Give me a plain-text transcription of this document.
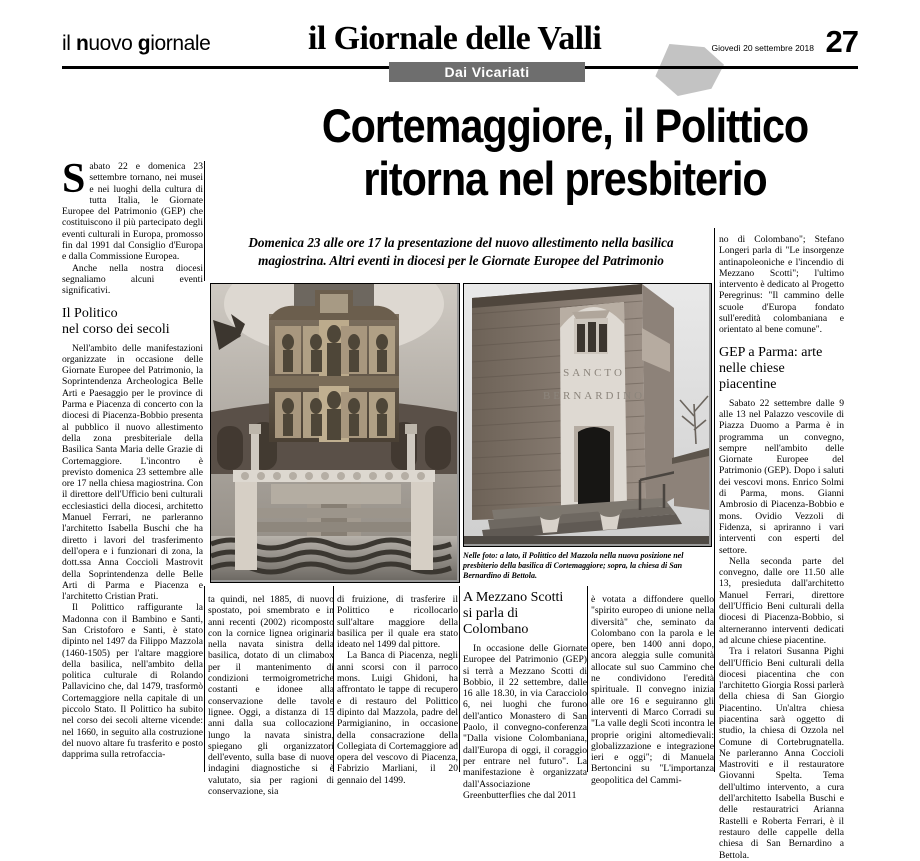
il nuovo giornale	il Giornale delle Valli	Giovedì 20 settembre 2018 27
Dai Vicariati
Cortemaggiore, il Polittico
ritorna nel presbiterio
Domenica 23 alle ore 17 la presentazione del nuovo allestimento nella basilica magiostrina. Altri eventi in diocesi per le Giornate Europee del Patrimonio
SANCTO
BERNARDINO
Nelle foto: a lato, il Polittico del Mazzola nella nuova posizione nel presbiterio della basilica di Cortemaggiore; sopra, la chiesa di San Bernardino di Bettola.

Sabato 22 e domenica 23 settembre tornano, nei musei e nei luoghi della cultura di tutta Italia, le Giornate Europee del Patrimonio (GEP) che costituiscono il più partecipato degli eventi culturali in Europa, promosso fin dal 1991 dal Consiglio d'Europa e dalla Commissione Europea.

Anche nella nostra diocesi segnaliamo alcuni eventi significativi.

Il Politico
nel corso dei secoli

Nell'ambito delle manifestazioni organizzate in occasione delle Giornate Europee del Patrimonio, la Soprintendenza Archeologica Belle Arti e Paesaggio per le province di Parma e Piacenza di concerto con la diocesi di Piacenza-Bobbio presenta al pubblico il nuovo allestimento della zona presbiteriale della Basilica Santa Maria delle Grazie di Cortemaggiore. L'incontro è previsto domenica 23 settembre alle ore 17 nella chiesa magiostrina. Con il direttore dell'Ufficio beni culturali ecclesiastici della diocesi, architetto Manuel Ferrari, ne parleranno l'architetto Isabella Buschi che ha diretto i lavori del trasferimento dell'opera e i funzionari di zona, la dott.ssa Anna Coccioli Mastrovit della Soprintendenza delle Belle Arti di Parma e Piacenza e l'architetto Cristian Prati.

Il Polittico raffigurante la Madonna con il Bambino e Santi, San Cristoforo e Santi, è stato dipinto nel 1497 da Filippo Mazzola (1460-1505) per l'altare maggiore della basilica, nell'ambito della politica culturale di Rolando Pallavicino che, dal 1479, trasformò Cortemaggiore nella capitale di un piccolo Stato. Il Polittico ha subito nel corso dei secoli alterne vicende: nel 1660, in seguito alla costruzione del nuovo altare fu trasferito e posto dapprima sulla retrofaccia-

ta quindi, nel 1885, di nuovo spostato, poi smembrato e in anni recenti (2002) ricomposto con la cornice lignea originaria nella navata sinistra della basilica, dotato di un climabox per il mantenimento di condizioni termoigrometriche costanti e idonee alla conservazione delle tavole lignee. Oggi, a distanza di 15 anni dalla sua collocazione lungo la navata sinistra, spiegano gli organizzatori dell'evento, sulla base di nuove indagini diagnostiche si è valutato, sia per ragioni di conservazione, sia

di fruizione, di trasferire il Polittico e ricollocarlo sull'altare maggiore della basilica per il quale era stato ideato nel 1499 dal pittore.

La Banca di Piacenza, negli anni scorsi con il parroco mons. Luigi Ghidoni, ha affrontato le tappe di recupero e di restauro del Polittico dipinto dal Mazzola, padre del Parmigianino, in occasione della consacrazione della Collegiata di Cortemaggiore ad opera del vescovo di Piacenza, Fabrizio Marliani, il 20 gennaio del 1499.

A Mezzano Scotti
si parla di Colombano

In occasione delle Giornate Europee del Patrimonio (GEP) si terrà a Mezzano Scotti di Bobbio, il 22 settembre, dalle 16 alle 18.30, in via Caracciolo 6, nei luoghi che furono dell'antico Monastero di San Paolo, il convegno-conferenza "Dalla visione Colombaniana, dall'Europa di oggi, il coraggio per entrare nel futuro". La manifestazione è organizzata dall'Associazione Greenbutterflies che dal 2011

è votata a diffondere quello "spirito europeo di unione nella diversità" che, seminato da Colombano con la parola e le opere, ben 1400 anni dopo, ancora aleggia sulle comunità allocate sul suo Cammino che ne condividono l'eredità spirituale. Il convegno inizia alle ore 16 e seguiranno gli interventi di Marco Corradi su "La valle degli Scoti incontra le proprie origini altomedievali: globalizzazione e integrazione ieri e oggi"; di Manuela Bertoncini su "L'importanza geopolitica del Cammi-

no di Colombano"; Stefano Longeri parla di "Le insorgenze antinapoleoniche e l'incendio di Mezzano Scotti"; l'ultimo intervento è dedicato al Progetto Peregrinus: "Il cammino delle scuole d'Europa fondato sull'eredità colombaniana e orientato al bene comune".

GEP a Parma: arte
nelle chiese piacentine

Sabato 22 settembre dalle 9 alle 13 nel Palazzo vescovile di Piazza Duomo a Parma è in programma un convegno, sempre nell'ambito delle Giornate Europee del Patrimonio (GEP). Dopo i saluti dei vescovi mons. Enrico Solmi di Parma, mons. Gianni Ambrosio di Piacenza-Bobbio e mons. Ovidio Vezzoli di Fidenza, si apriranno i vari interventi con esperti del settore.

Nella seconda parte del convegno, dalle ore 11.50 alle 13, presieduta dall'architetto Manuel Ferrari, direttore dell'Ufficio Beni culturali della diocesi di Piacenza-Bobbio, si alterneranno interventi dedicati ad alcune chiese piacentine.

Tra i relatori Susanna Pighi dell'Ufficio Beni culturali della diocesi piacentina che con l'architetto Giorgia Rossi parlerà della chiesa di San Giorgio Piacentino. Un'altra chiesa piacentina sarà oggetto di studio, la chiesa di Ozzola nel Comune di Cortebrugnatella. Ne parleranno Anna Coccioli Mastroviti e il restauratore Giovanni Spelta. Tema dell'ultimo intervento, a cura dell'architetto Isabella Buschi e delle restauratrici Arianna Rastelli e Roberta Ferrari, è il restauro delle cappelle della chiesa di San Bernardino a Bettola.
